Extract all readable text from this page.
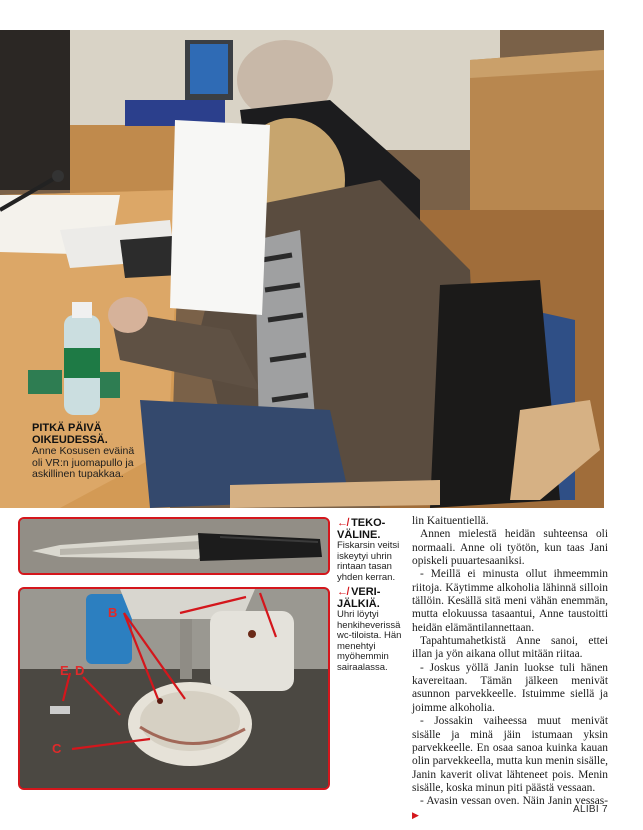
PITKÄ PÄIVÄ OIKEUDESSÄ.
Anne Kosusen eväinä oli VR:n juomapullo ja askillinen tupakkaa.
↚ TEKO-VÄLINE.
Fiskarsin veitsi iskeytyi uhrin rintaan tasan yhden kerran.
B
E D
C
↚ VERI-JÄLKIÄ.
Uhri löytyi henkiheverissä wc-tiloista. Hän menehtyi myöhemmin sairaalassa.

lin Kaituentiellä.

Annen mielestä heidän suhteensa oli normaali. Anne oli työtön, kun taas Jani opiskeli puuartesaaniksi.

- Meillä ei minusta ollut ihmeemmin riitoja. Käytimme alkoholia lähinnä silloin tällöin. Kesällä sitä meni vähän enemmän, mutta elokuussa tasaantui, Anne taustoitti heidän elämäntilannettaan.

Tapahtumahetkistä Anne sanoi, ettei illan ja yön aikana ollut mitään riitaa.

- Joskus yöllä Janin luokse tuli hänen kavereitaan. Tämän jälkeen menivät asunnon parvekkeelle. Istuimme siellä ja joimme alkoholia.

- Jossakin vaiheessa muut menivät sisälle ja minä jäin istumaan yksin parvekkeelle. En osaa sanoa kuinka kauan olin parvekkeella, mutta kun menin sisälle, Janin kaverit olivat lähteneet pois. Menin sisälle, koska minun piti päästä vessaan.

- Avasin vessan oven. Näin Janin vessas-▶	ALIBI 7
